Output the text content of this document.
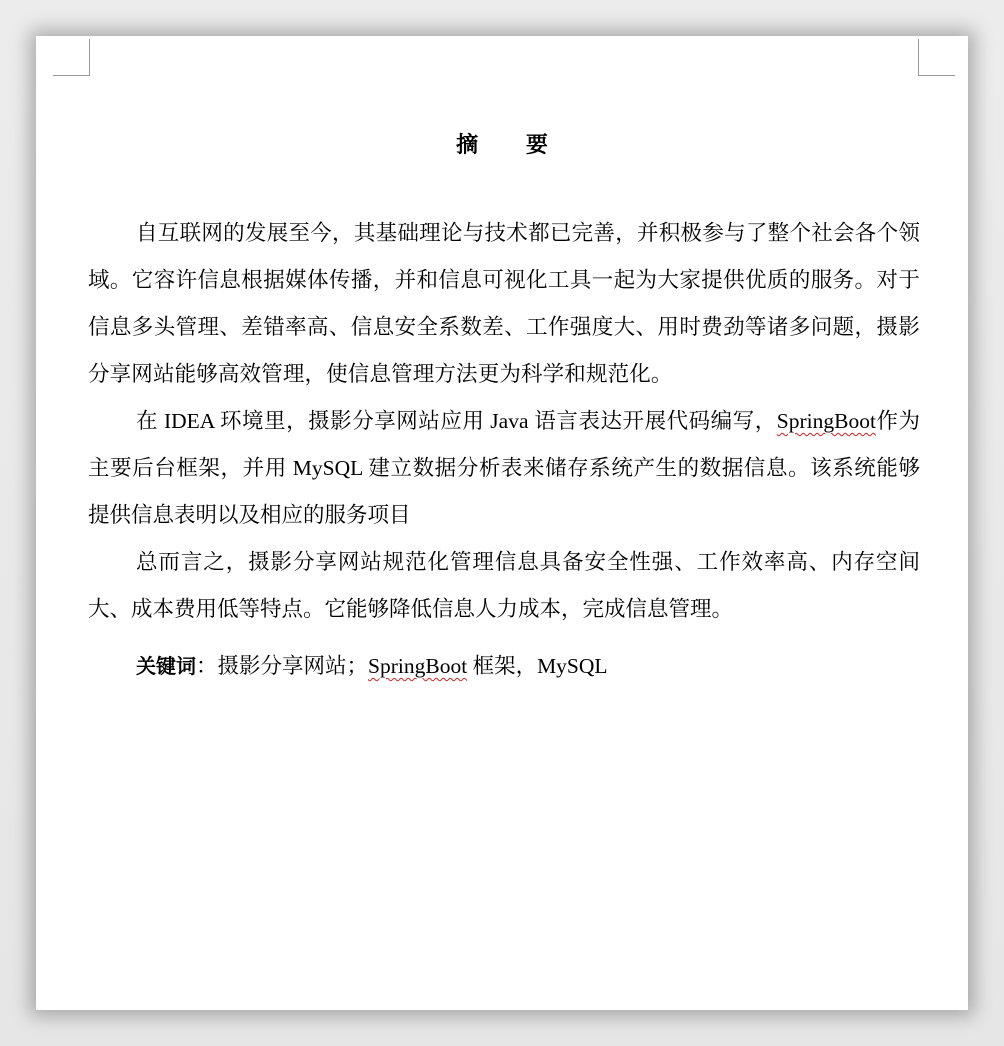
摘 要

自互联网的发展至今，其基础理论与技术都已完善，并积极参与了整个社会各个领域。它容许信息根据媒体传播，并和信息可视化工具一起为大家提供优质的服务。对于信息多头管理、差错率高、信息安全系数差、工作强度大、用时费劲等诸多问题，摄影分享网站能够高效管理，使信息管理方法更为科学和规范化。

在 IDEA 环境里，摄影分享网站应用 Java 语言表达开展代码编写，SpringBoot作为主要后台框架，并用 MySQL 建立数据分析表来储存系统产生的数据信息。该系统能够提供信息表明以及相应的服务项目

总而言之，摄影分享网站规范化管理信息具备安全性强、工作效率高、内存空间大、成本费用低等特点。它能够降低信息人力成本，完成信息管理。

关键词：摄影分享网站；SpringBoot 框架，MySQL
